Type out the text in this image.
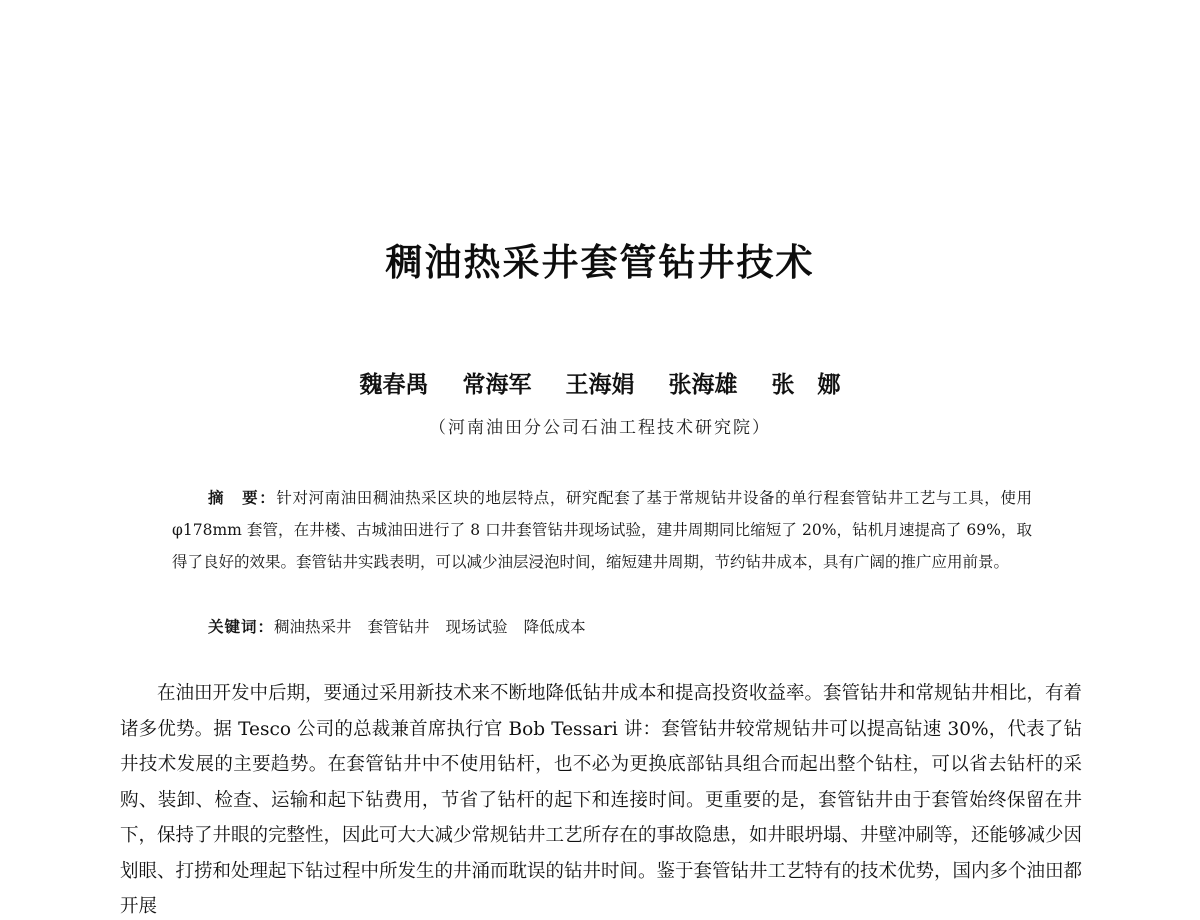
稠油热采井套管钻井技术
魏春禺 常海军 王海娟 张海雄 张　娜
（河南油田分公司石油工程技术研究院）

摘　要：针对河南油田稠油热采区块的地层特点，研究配套了基于常规钻井设备的单行程套管钻井工艺与工具，使用φ178mm 套管，在井楼、古城油田进行了 8 口井套管钻井现场试验，建井周期同比缩短了 20%，钻机月速提高了 69%，取得了良好的效果。套管钻井实践表明，可以减少油层浸泡时间，缩短建井周期，节约钻井成本，具有广阔的推广应用前景。

关键词：稠油热采井 套管钻井 现场试验 降低成本

在油田开发中后期，要通过采用新技术来不断地降低钻井成本和提高投资收益率。套管钻井和常规钻井相比，有着诸多优势。据 Tesco 公司的总裁兼首席执行官 Bob Tessari 讲：套管钻井较常规钻井可以提高钻速 30%，代表了钻井技术发展的主要趋势。在套管钻井中不使用钻杆，也不必为更换底部钻具组合而起出整个钻柱，可以省去钻杆的采购、装卸、检查、运输和起下钻费用，节省了钻杆的起下和连接时间。更重要的是，套管钻井由于套管始终保留在井下，保持了井眼的完整性，因此可大大减少常规钻井工艺所存在的事故隐患，如井眼坍塌、井壁冲刷等，还能够减少因划眼、打捞和处理起下钻过程中所发生的井涌而耽误的钻井时间。鉴于套管钻井工艺特有的技术优势，国内多个油田都开展
